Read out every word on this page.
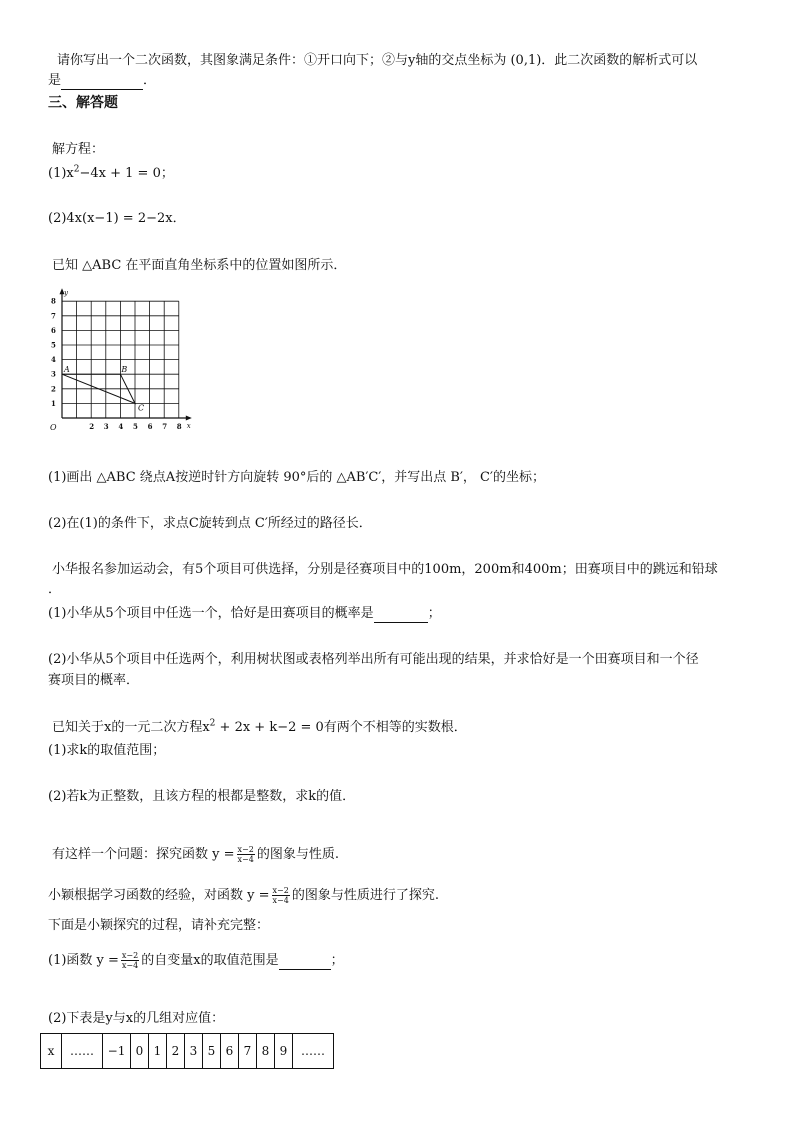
请你写出一个二次函数，其图象满足条件：①开口向下；②与y轴的交点坐标为 (0,1)．此二次函数的解析式可以
是	．
三、解答题
解方程：
$(1)x^2-4x + 1 = 0$；
(2)4x(x−1) = 2−2x．
已知 △ABC 在平面直角坐标系中的位置如图所示．
8
7
6
5
4
3
2
1
2 3 4 5 6 7 8
O	x
y
A	B
C
(1)画出 △ABC 绕点A按逆时针方向旋转 90°后的 △AB′C′，并写出点 B′， C′的坐标；
(2)在(1)的条件下，求点C旋转到点 C′所经过的路径长．
小华报名参加运动会，有5个项目可供选择，分别是径赛项目中的100m，200m和400m；田赛项目中的跳远和铅球
．
(1)小华从5个项目中任选一个，恰好是田赛项目的概率是	；
(2)小华从5个项目中任选两个，利用树状图或表格列举出所有可能出现的结果，并求恰好是一个田赛项目和一个径
赛项目的概率．
已知关于x的一元二次方程$x^2 + 2x + k-2 = 0$有两个不相等的实数根．
(1)求k的取值范围；
(2)若k为正整数，且该方程的根都是整数，求k的值．
有这样一个问题：探究函数 $y = \frac{x-2}{x-4}$ 的图象与性质.
小颖根据学习函数的经验，对函数 $y = \frac{x-2}{x-4}$ 的图象与性质进行了探究.
下面是小颖探究的过程，请补充完整：
(1)函数 $y = \frac{x-2}{x-4}$ 的自变量x的取值范围是	；
(2)下表是y与x的几组对应值：
x	……	−1	0	1	2	3	5	6	7	8	9	……
